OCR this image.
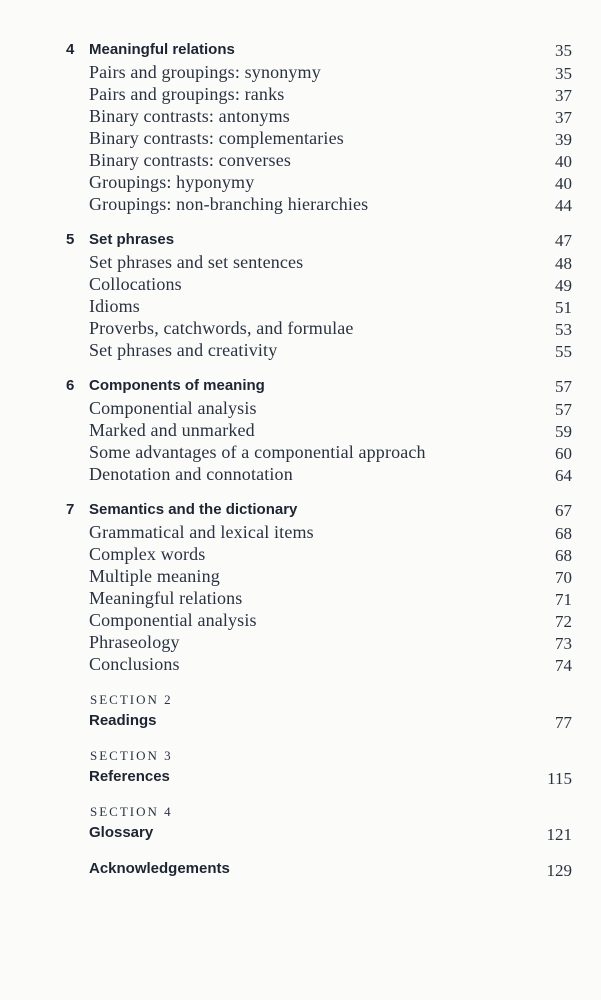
4 Meaningful relations	35
Pairs and groupings: synonymy	35
Pairs and groupings: ranks	37
Binary contrasts: antonyms	37
Binary contrasts: complementaries	39
Binary contrasts: converses	40
Groupings: hyponymy	40
Groupings: non-branching hierarchies	44
5 Set phrases	47
Set phrases and set sentences	48
Collocations	49
Idioms	51
Proverbs, catchwords, and formulae	53
Set phrases and creativity	55
6 Components of meaning	57
Componential analysis	57
Marked and unmarked	59
Some advantages of a componential approach	60
Denotation and connotation	64
7 Semantics and the dictionary	67
Grammatical and lexical items	68
Complex words	68
Multiple meaning	70
Meaningful relations	71
Componential analysis	72
Phraseology	73
Conclusions	74
SECTION 2
Readings	77
SECTION 3
References	115
SECTION 4
Glossary	121
Acknowledgements	129
